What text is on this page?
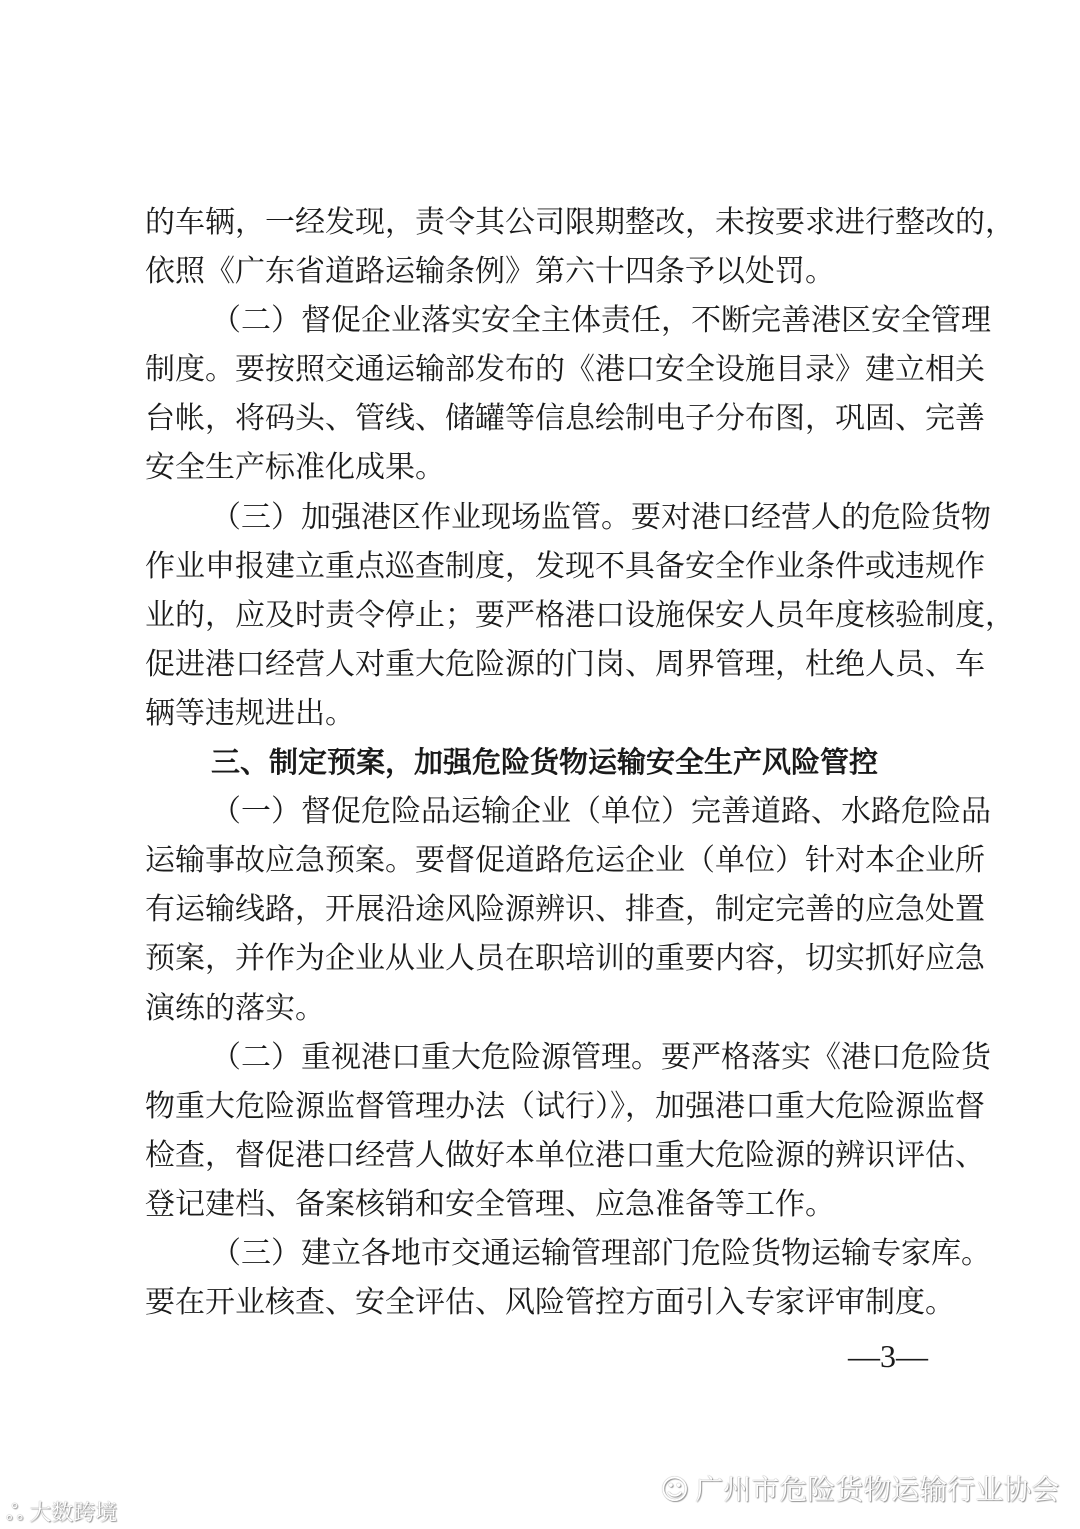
的车辆，一经发现，责令其公司限期整改，未按要求进行整改的，
依照《广东省道路运输条例》第六十四条予以处罚。
（二）督促企业落实安全主体责任，不断完善港区安全管理
制度。要按照交通运输部发布的《港口安全设施目录》建立相关
台帐，将码头、管线、储罐等信息绘制电子分布图，巩固、完善
安全生产标准化成果。
（三）加强港区作业现场监管。要对港口经营人的危险货物
作业申报建立重点巡查制度，发现不具备安全作业条件或违规作
业的，应及时责令停止；要严格港口设施保安人员年度核验制度，
促进港口经营人对重大危险源的门岗、周界管理，杜绝人员、车
辆等违规进出。
三、制定预案，加强危险货物运输安全生产风险管控
（一）督促危险品运输企业（单位）完善道路、水路危险品
运输事故应急预案。要督促道路危运企业（单位）针对本企业所
有运输线路，开展沿途风险源辨识、排查，制定完善的应急处置
预案，并作为企业从业人员在职培训的重要内容，切实抓好应急
演练的落实。
（二）重视港口重大危险源管理。要严格落实《港口危险货
物重大危险源监督管理办法（试行）》，加强港口重大危险源监督
检查，督促港口经营人做好本单位港口重大危险源的辨识评估、
登记建档、备案核销和安全管理、应急准备等工作。
（三）建立各地市交通运输管理部门危险货物运输专家库。
要在开业核查、安全评估、风险管控方面引入专家评审制度。
—3—
☺ 广州市危险货物运输行业协会
ஃ 大数跨境
